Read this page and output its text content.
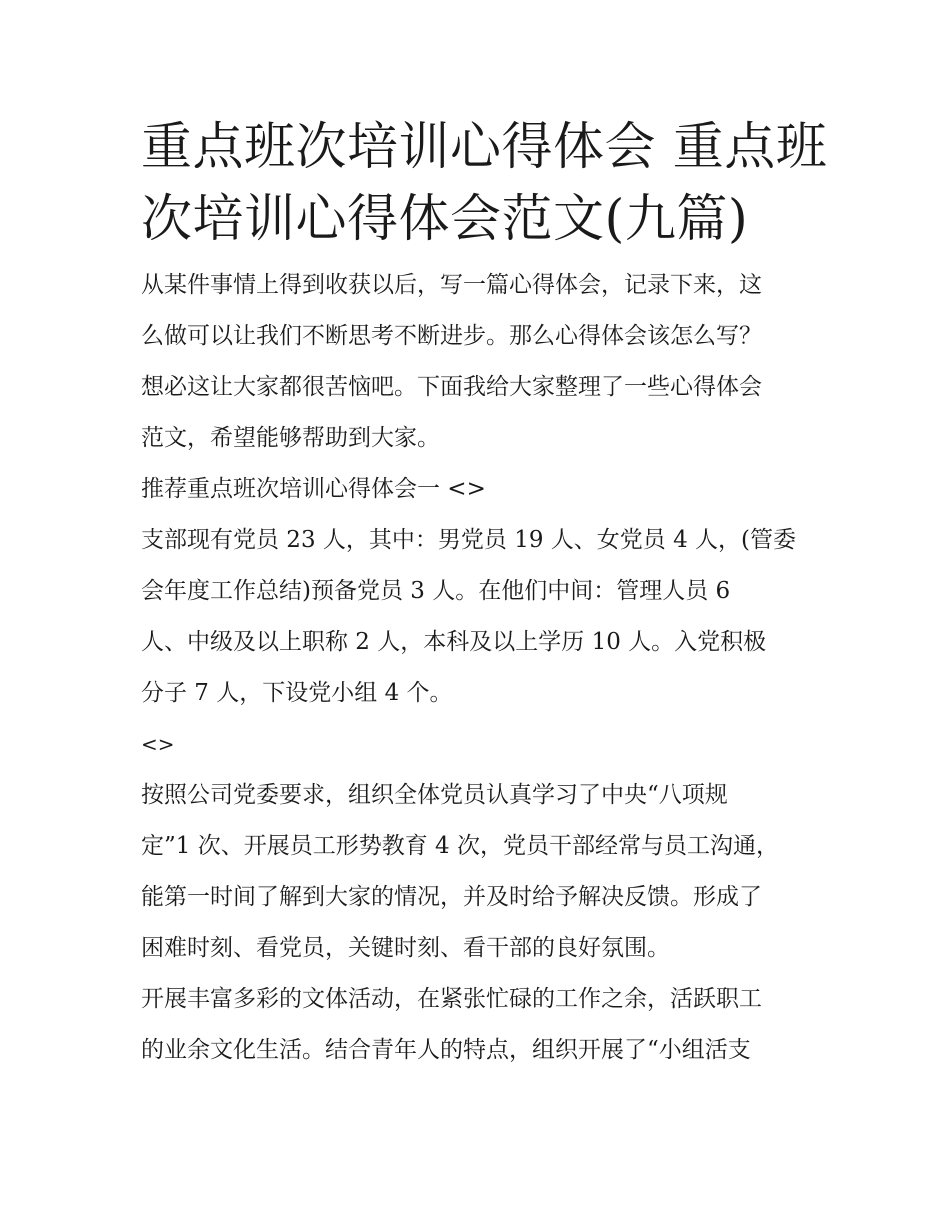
重点班次培训心得体会 重点班
次培训心得体会范文(九篇)

从某件事情上得到收获以后，写一篇心得体会，记录下来，这
么做可以让我们不断思考不断进步。那么心得体会该怎么写？
想必这让大家都很苦恼吧。下面我给大家整理了一些心得体会
范文，希望能够帮助到大家。

推荐重点班次培训心得体会一 <>

支部现有党员 23 人，其中：男党员 19 人、女党员 4 人，(管委
会年度工作总结)预备党员 3 人。在他们中间：管理人员 6
人、中级及以上职称 2 人，本科及以上学历 10 人。入党积极
分子 7 人，下设党小组 4 个。

<>

按照公司党委要求，组织全体党员认真学习了中央“八项规
定”1 次、开展员工形势教育 4 次，党员干部经常与员工沟通，
能第一时间了解到大家的情况，并及时给予解决反馈。形成了
困难时刻、看党员，关键时刻、看干部的良好氛围。

开展丰富多彩的文体活动，在紧张忙碌的工作之余，活跃职工
的业余文化生活。结合青年人的特点，组织开展了“小组活支
